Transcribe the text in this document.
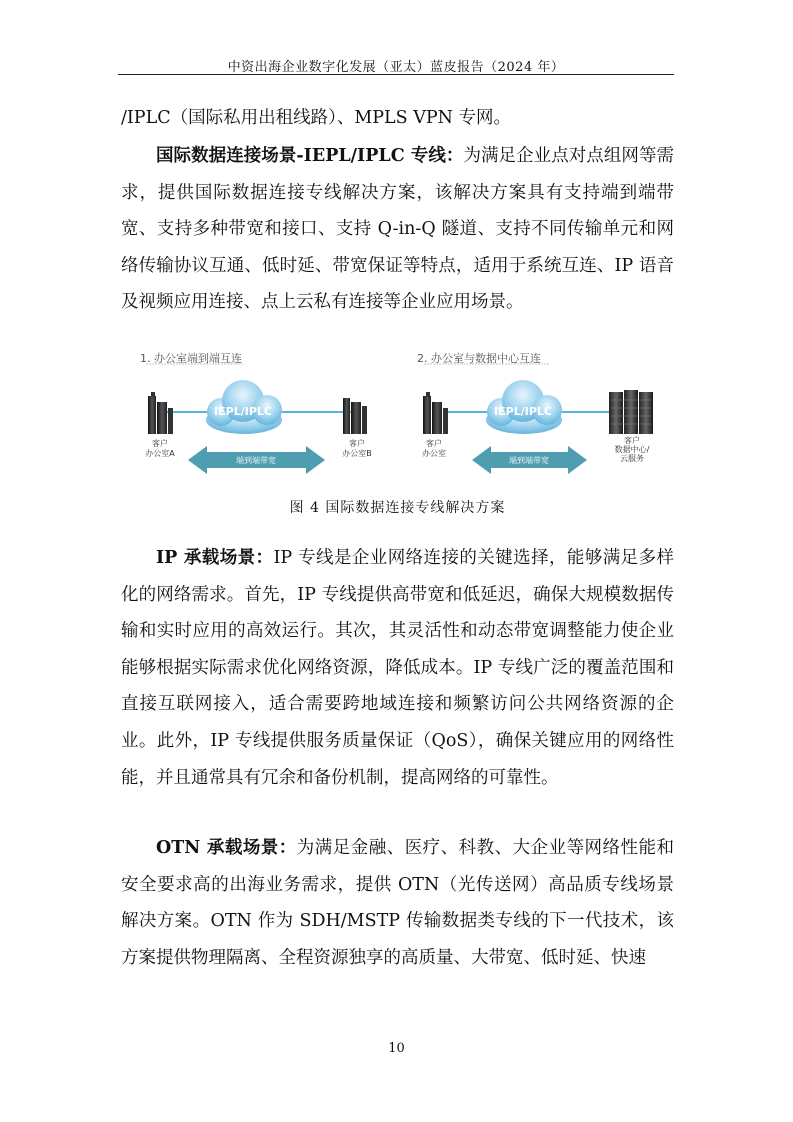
中资出海企业数字化发展（亚太）蓝皮报告（2024 年）

/IPLC（国际私用出租线路）、MPLS VPN 专网。

国际数据连接场景-IEPL/IPLC 专线：为满足企业点对点组网等需求，提供国际数据连接专线解决方案，该解决方案具有支持端到端带宽、支持多种带宽和接口、支持 Q-in-Q 隧道、支持不同传输单元和网络传输协议互通、低时延、带宽保证等特点，适用于系统互连、IP 语音及视频应用连接、点上云私有连接等企业应用场景。

1. 办公室端到端互连
客户
办公室A
IEPL/IPLC
客户
办公室B
端到端带宽
2. 办公室与数据中心互连
客户
办公室
IEPL/IPLC
客户
数据中心/
云服务
端到端带宽
图 4 国际数据连接专线解决方案

IP 承载场景：IP 专线是企业网络连接的关键选择，能够满足多样化的网络需求。首先，IP 专线提供高带宽和低延迟，确保大规模数据传输和实时应用的高效运行。其次，其灵活性和动态带宽调整能力使企业能够根据实际需求优化网络资源，降低成本。IP 专线广泛的覆盖范围和直接互联网接入，适合需要跨地域连接和频繁访问公共网络资源的企业。此外，IP 专线提供服务质量保证（QoS），确保关键应用的网络性能，并且通常具有冗余和备份机制，提高网络的可靠性。

OTN 承载场景：为满足金融、医疗、科教、大企业等网络性能和安全要求高的出海业务需求，提供 OTN（光传送网）高品质专线场景解决方案。OTN 作为 SDH/MSTP 传输数据类专线的下一代技术，该方案提供物理隔离、全程资源独享的高质量、大带宽、低时延、快速

10
